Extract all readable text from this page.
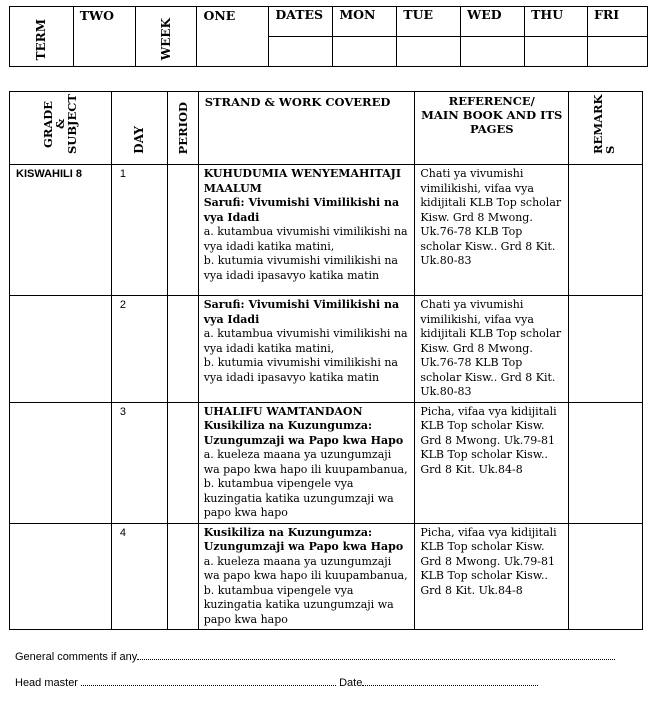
TERM	TWO	WEEK	ONE	DATES	MON	TUE	WED	THU	FRI

GRADE & SUBJECT	DAY	PERIOD	STRAND & WORK COVERED	REFERENCE/
MAIN BOOK AND ITS PAGES	REMARKS

KISWAHILI 8	1		KUHUDUMIA WENYEMAHITAJI MAALUM
Sarufi: Vivumishi Vimilikishi na vya Idadi
a. kutambua vivumishi vimilikishi na vya idadi katika matini,
b. kutumia vivumishi vimilikishi na vya idadi ipasavyo katika matin	Chati ya vivumishi vimilikishi, vifaa vya kidijitali KLB Top scholar Kisw. Grd 8 Mwong. Uk.76-78 KLB Top scholar Kisw.. Grd 8 Kit. Uk.80-83	
	2		Sarufi: Vivumishi Vimilikishi na vya Idadi
a. kutambua vivumishi vimilikishi na vya idadi katika matini,
b. kutumia vivumishi vimilikishi na vya idadi ipasavyo katika matin	Chati ya vivumishi vimilikishi, vifaa vya kidijitali KLB Top scholar Kisw. Grd 8 Mwong. Uk.76-78 KLB Top scholar Kisw.. Grd 8 Kit. Uk.80-83	
	3		UHALIFU WAMTANDAON
Kusikiliza na Kuzungumza: Uzungumzaji wa Papo kwa Hapo
a. kueleza maana ya uzungumzaji wa papo kwa hapo ili kuupambanua,
b. kutambua vipengele vya kuzingatia katika uzungumzaji wa papo kwa hapo	Picha, vifaa vya kidijitali KLB Top scholar Kisw. Grd 8 Mwong. Uk.79-81 KLB Top scholar Kisw.. Grd 8 Kit. Uk.84-8	
	4		Kusikiliza na Kuzungumza: Uzungumzaji wa Papo kwa Hapo
a. kueleza maana ya uzungumzaji wa papo kwa hapo ili kuupambanua,
b. kutambua vipengele vya kuzingatia katika uzungumzaji wa papo kwa hapo	Picha, vifaa vya kidijitali KLB Top scholar Kisw. Grd 8 Mwong. Uk.79-81 KLB Top scholar Kisw.. Grd 8 Kit. Uk.84-8	
General comments if any
Head master	Date
